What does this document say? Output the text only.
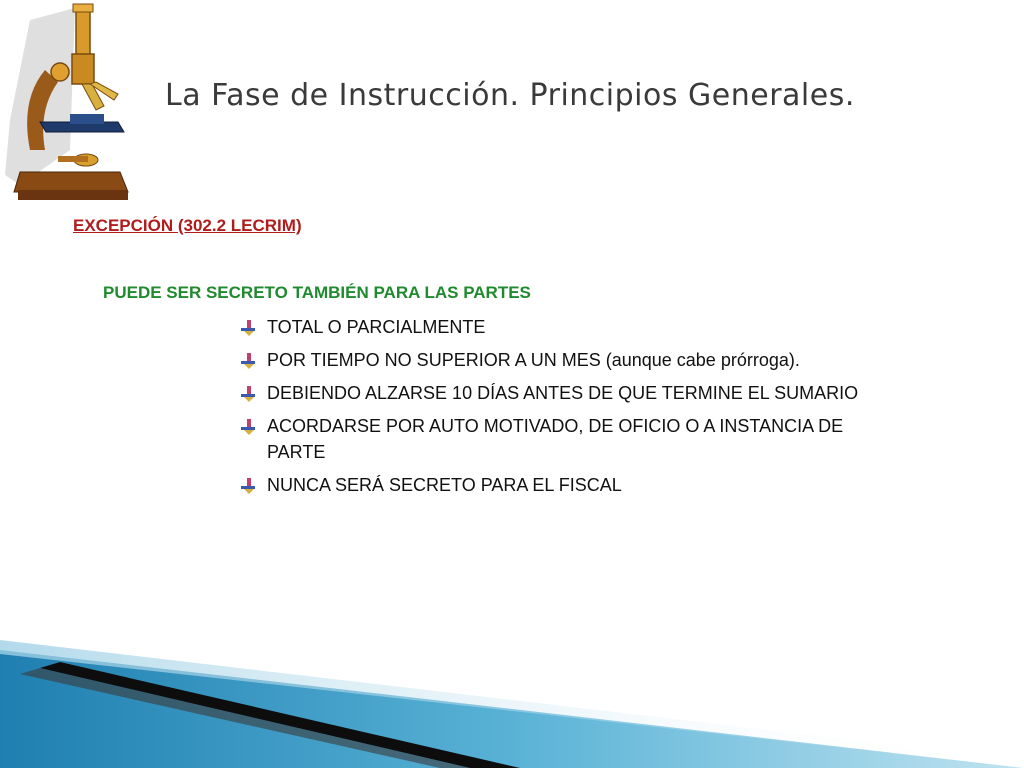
La Fase de Instrucción. Principios Generales.
EXCEPCIÓN (302.2 LECRIM)
PUEDE SER SECRETO TAMBIÉN PARA LAS PARTES
TOTAL O PARCIALMENTE
POR TIEMPO NO SUPERIOR A UN MES (aunque cabe prórroga).
DEBIENDO ALZARSE 10 DÍAS ANTES DE QUE TERMINE EL SUMARIO
ACORDARSE POR AUTO MOTIVADO, DE OFICIO O A INSTANCIA DE PARTE
NUNCA SERÁ SECRETO PARA EL FISCAL
